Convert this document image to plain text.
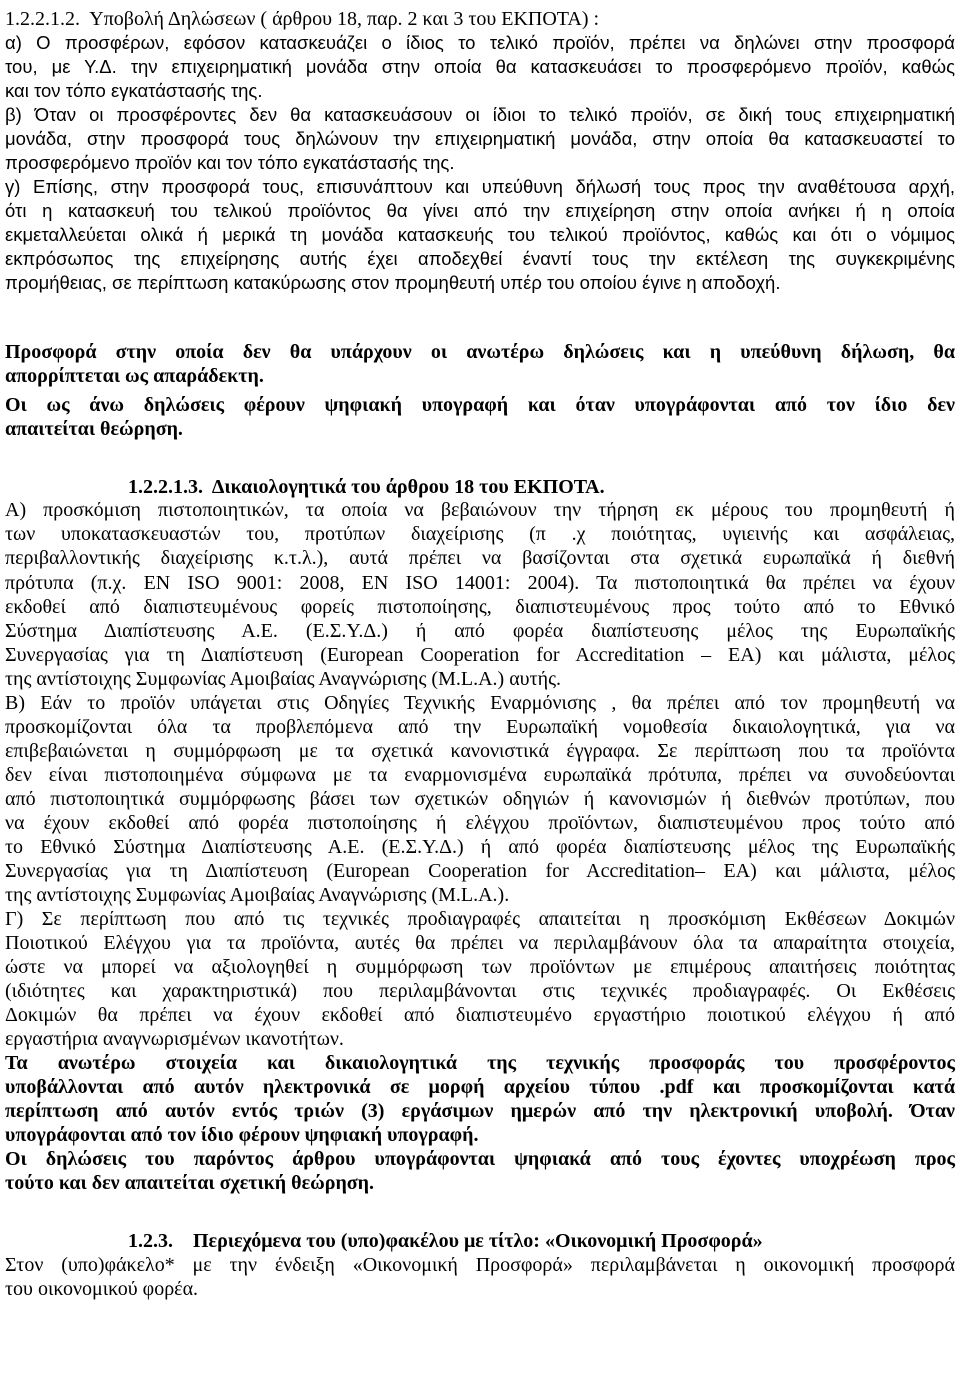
1.2.2.1.2.  Υποβολή Δηλώσεων ( άρθρου 18, παρ. 2 και 3 του ΕΚΠΟΤΑ) :
α) Ο προσφέρων, εφόσον κατασκευάζει ο ίδιος το τελικό προϊόν, πρέπει να δηλώνει στην προσφορά
του, με Υ.Δ. την επιχειρηματική μονάδα στην οποία θα κατασκευάσει το προσφερόμενο προϊόν, καθώς
και τον τόπο εγκατάστασής της.
β) Όταν οι προσφέροντες δεν θα κατασκευάσουν οι ίδιοι το τελικό προϊόν, σε δική τους επιχειρηματική
μονάδα, στην προσφορά τους δηλώνουν την επιχειρηματική μονάδα, στην οποία θα κατασκευαστεί το
προσφερόμενο προϊόν και τον τόπο εγκατάστασής της.
γ) Επίσης, στην προσφορά τους, επισυνάπτουν και υπεύθυνη δήλωσή τους προς την αναθέτουσα αρχή,
ότι η κατασκευή του τελικού προϊόντος θα γίνει από την επιχείρηση στην οποία ανήκει ή η οποία
εκμεταλλεύεται ολικά ή μερικά τη μονάδα κατασκευής του τελικού προϊόντος, καθώς και ότι ο νόμιμος
εκπρόσωπος της επιχείρησης αυτής έχει αποδεχθεί έναντί τους την εκτέλεση της συγκεκριμένης
προμήθειας, σε περίπτωση κατακύρωσης στον προμηθευτή υπέρ του οποίου έγινε η αποδοχή.
Προσφορά στην οποία δεν θα υπάρχουν οι ανωτέρω δηλώσεις και η υπεύθυνη δήλωση, θα
απορρίπτεται ως απαράδεκτη.
Οι ως άνω δηλώσεις φέρουν ψηφιακή υπογραφή και όταν υπογράφονται από τον ίδιο δεν
απαιτείται θεώρηση.
1.2.2.1.3.  Δικαιολογητικά του άρθρου 18 του ΕΚΠΟΤΑ.
Α) προσκόμιση πιστοποιητικών, τα οποία να βεβαιώνουν την τήρηση εκ μέρους του προμηθευτή ή
των υποκατασκευαστών του, προτύπων διαχείρισης (π .χ ποιότητας, υγιεινής και ασφάλειας,
περιβαλλοντικής διαχείρισης κ.τ.λ.), αυτά πρέπει να βασίζονται στα σχετικά ευρωπαϊκά ή διεθνή
πρότυπα (π.χ. EN ISO 9001: 2008, EN ISO 14001: 2004). Τα πιστοποιητικά θα πρέπει να έχουν
εκδοθεί από διαπιστευμένους φορείς πιστοποίησης, διαπιστευμένους προς τούτο από το Εθνικό
Σύστημα Διαπίστευσης Α.Ε. (Ε.Σ.Υ.Δ.) ή από φορέα διαπίστευσης μέλος της Ευρωπαϊκής
Συνεργασίας για τη Διαπίστευση (European Cooperation for Accreditation – EA) και μάλιστα, μέλος
της αντίστοιχης Συμφωνίας Αμοιβαίας Αναγνώρισης (M.L.A.) αυτής.
Β) Εάν το προϊόν υπάγεται στις Οδηγίες Τεχνικής Εναρμόνισης , θα πρέπει από τον προμηθευτή να
προσκομίζονται όλα τα προβλεπόμενα από την Ευρωπαϊκή νομοθεσία δικαιολογητικά, για να
επιβεβαιώνεται η συμμόρφωση με τα σχετικά κανονιστικά έγγραφα. Σε περίπτωση που τα προϊόντα
δεν είναι πιστοποιημένα σύμφωνα με τα εναρμονισμένα ευρωπαϊκά πρότυπα, πρέπει να συνοδεύονται
από πιστοποιητικά συμμόρφωσης βάσει των σχετικών οδηγιών ή κανονισμών ή διεθνών προτύπων, που
να έχουν εκδοθεί από φορέα πιστοποίησης ή ελέγχου προϊόντων, διαπιστευμένου προς τούτο από
το Εθνικό Σύστημα Διαπίστευσης Α.Ε. (Ε.Σ.Υ.Δ.) ή από φορέα διαπίστευσης μέλος της Ευρωπαϊκής
Συνεργασίας για τη Διαπίστευση (European Cooperation for Accreditation– EA) και μάλιστα, μέλος
της αντίστοιχης Συμφωνίας Αμοιβαίας Αναγνώρισης (M.L.A.).
Γ) Σε περίπτωση που από τις τεχνικές προδιαγραφές απαιτείται η προσκόμιση Εκθέσεων Δοκιμών
Ποιοτικού Ελέγχου για τα προϊόντα, αυτές θα πρέπει να περιλαμβάνουν όλα τα απαραίτητα στοιχεία,
ώστε να μπορεί να αξιολογηθεί η συμμόρφωση των προϊόντων με επιμέρους απαιτήσεις ποιότητας
(ιδιότητες και χαρακτηριστικά) που περιλαμβάνονται στις τεχνικές προδιαγραφές. Οι Εκθέσεις
Δοκιμών θα πρέπει να έχουν εκδοθεί από διαπιστευμένο εργαστήριο ποιοτικού ελέγχου ή από
εργαστήρια αναγνωρισμένων ικανοτήτων.
Τα ανωτέρω στοιχεία και δικαιολογητικά της τεχνικής προσφοράς του προσφέροντος
υποβάλλονται από αυτόν ηλεκτρονικά σε μορφή αρχείου τύπου .pdf και προσκομίζονται κατά
περίπτωση από αυτόν εντός τριών (3) εργάσιμων ημερών από την ηλεκτρονική υποβολή. Όταν
υπογράφονται από τον ίδιο φέρουν ψηφιακή υπογραφή.
Οι δηλώσεις του παρόντος άρθρου υπογράφονται ψηφιακά από τους έχοντες υποχρέωση προς
τούτο και δεν απαιτείται σχετική θεώρηση.
1.2.3.    Περιεχόμενα του (υπο)φακέλου με τίτλο: «Οικονομική Προσφορά»
Στον (υπο)φάκελο* με την ένδειξη «Οικονομική Προσφορά» περιλαμβάνεται η οικονομική προσφορά
του οικονομικού φορέα.
